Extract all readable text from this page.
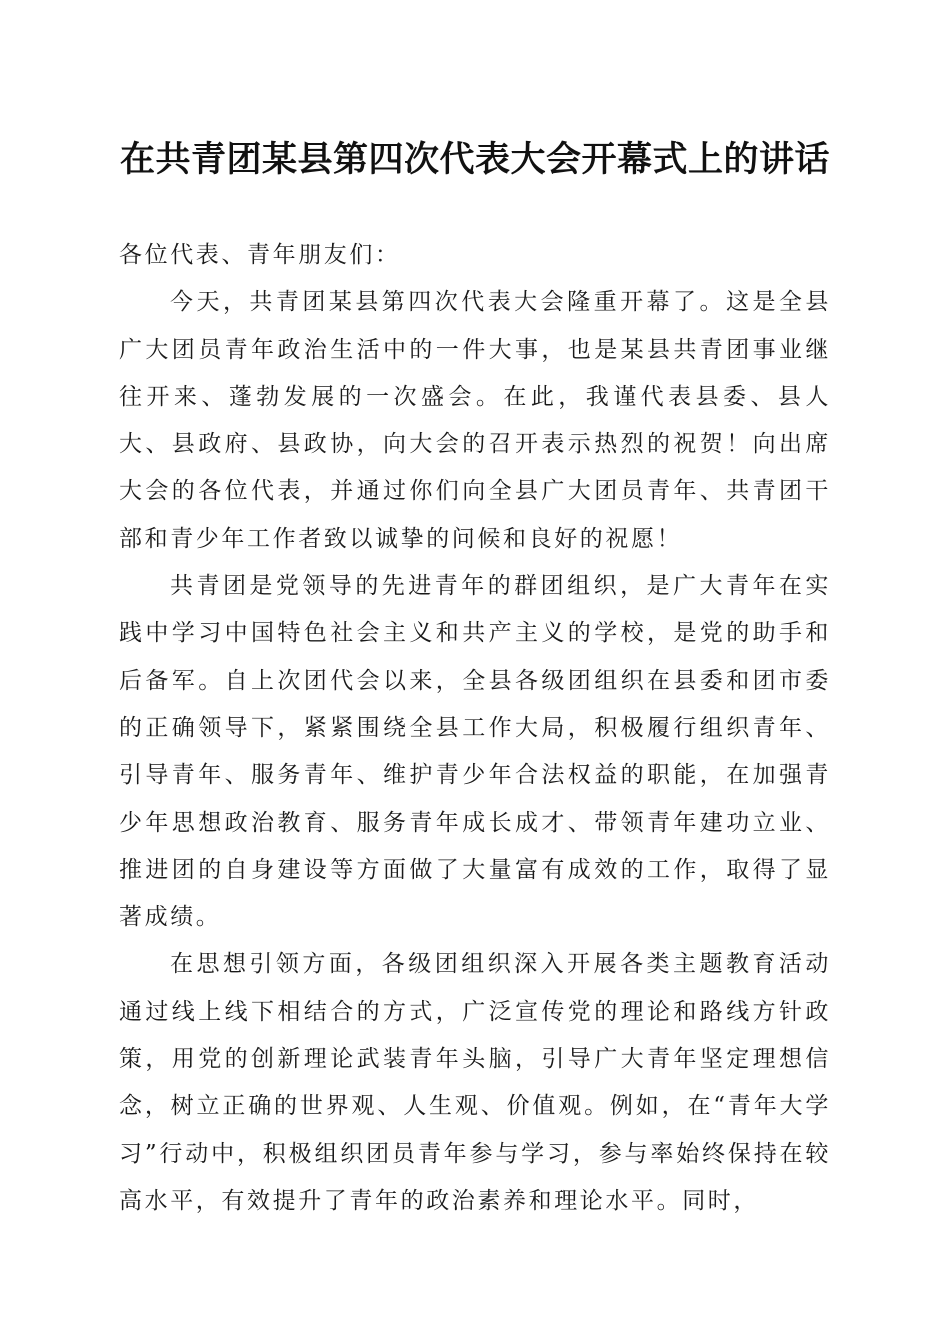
在共青团某县第四次代表大会开幕式上的讲话

各位代表、青年朋友们：

今天，共青团某县第四次代表大会隆重开幕了。这是全县广大团员青年政治生活中的一件大事，也是某县共青团事业继往开来、蓬勃发展的一次盛会。在此，我谨代表县委、县人大、县政府、县政协，向大会的召开表示热烈的祝贺！向出席大会的各位代表，并通过你们向全县广大团员青年、共青团干部和青少年工作者致以诚挚的问候和良好的祝愿！

共青团是党领导的先进青年的群团组织，是广大青年在实践中学习中国特色社会主义和共产主义的学校，是党的助手和后备军。自上次团代会以来，全县各级团组织在县委和团市委的正确领导下，紧紧围绕全县工作大局，积极履行组织青年、引导青年、服务青年、维护青少年合法权益的职能，在加强青少年思想政治教育、服务青年成长成才、带领青年建功立业、推进团的自身建设等方面做了大量富有成效的工作，取得了显著成绩。

在思想引领方面，各级团组织深入开展各类主题教育活动通过线上线下相结合的方式，广泛宣传党的理论和路线方针政策，用党的创新理论武装青年头脑，引导广大青年坚定理想信念，树立正确的世界观、人生观、价值观。例如，在“青年大学习”行动中，积极组织团员青年参与学习，参与率始终保持在较高水平，有效提升了青年的政治素养和理论水平。同时，
